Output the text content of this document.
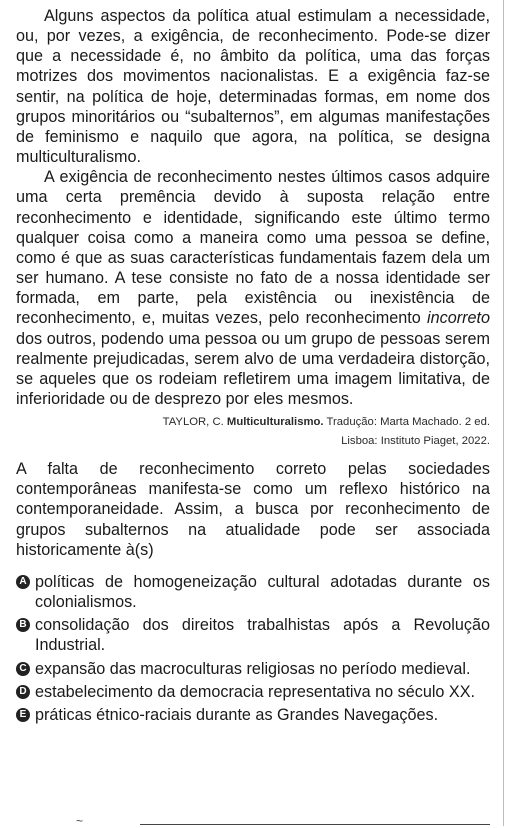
Alguns aspectos da política atual estimulam a necessidade, ou, por vezes, a exigência, de reconhecimento. Pode-se dizer que a necessidade é, no âmbito da política, uma das forças motrizes dos movimentos nacionalistas. E a exigência faz-se sentir, na política de hoje, determinadas formas, em nome dos grupos minoritários ou “subalternos”, em algumas manifestações de feminismo e naquilo que agora, na política, se designa multiculturalismo.

A exigência de reconhecimento nestes últimos casos adquire uma certa premência devido à suposta relação entre reconhecimento e identidade, significando este último termo qualquer coisa como a maneira como uma pessoa se define, como é que as suas características fundamentais fazem dela um ser humano. A tese consiste no fato de a nossa identidade ser formada, em parte, pela existência ou inexistência de reconhecimento, e, muitas vezes, pelo reconhecimento incorreto dos outros, podendo uma pessoa ou um grupo de pessoas serem realmente prejudicadas, serem alvo de uma verdadeira distorção, se aqueles que os rodeiam refletirem uma imagem limitativa, de inferioridade ou de desprezo por eles mesmos.

TAYLOR, C. Multiculturalismo. Tradução: Marta Machado. 2 ed.
Lisboa: Instituto Piaget, 2022.
A falta de reconhecimento correto pelas sociedades contemporâneas manifesta-se como um reflexo histórico na contemporaneidade. Assim, a busca por reconhecimento de grupos subalternos na atualidade pode ser associada historicamente à(s)
A políticas de homogeneização cultural adotadas durante os colonialismos.
B consolidação dos direitos trabalhistas após a Revolução Industrial.
C expansão das macroculturas religiosas no período medieval.
D estabelecimento da democracia representativa no século XX.
E práticas étnico-raciais durante as Grandes Navegações.
~
